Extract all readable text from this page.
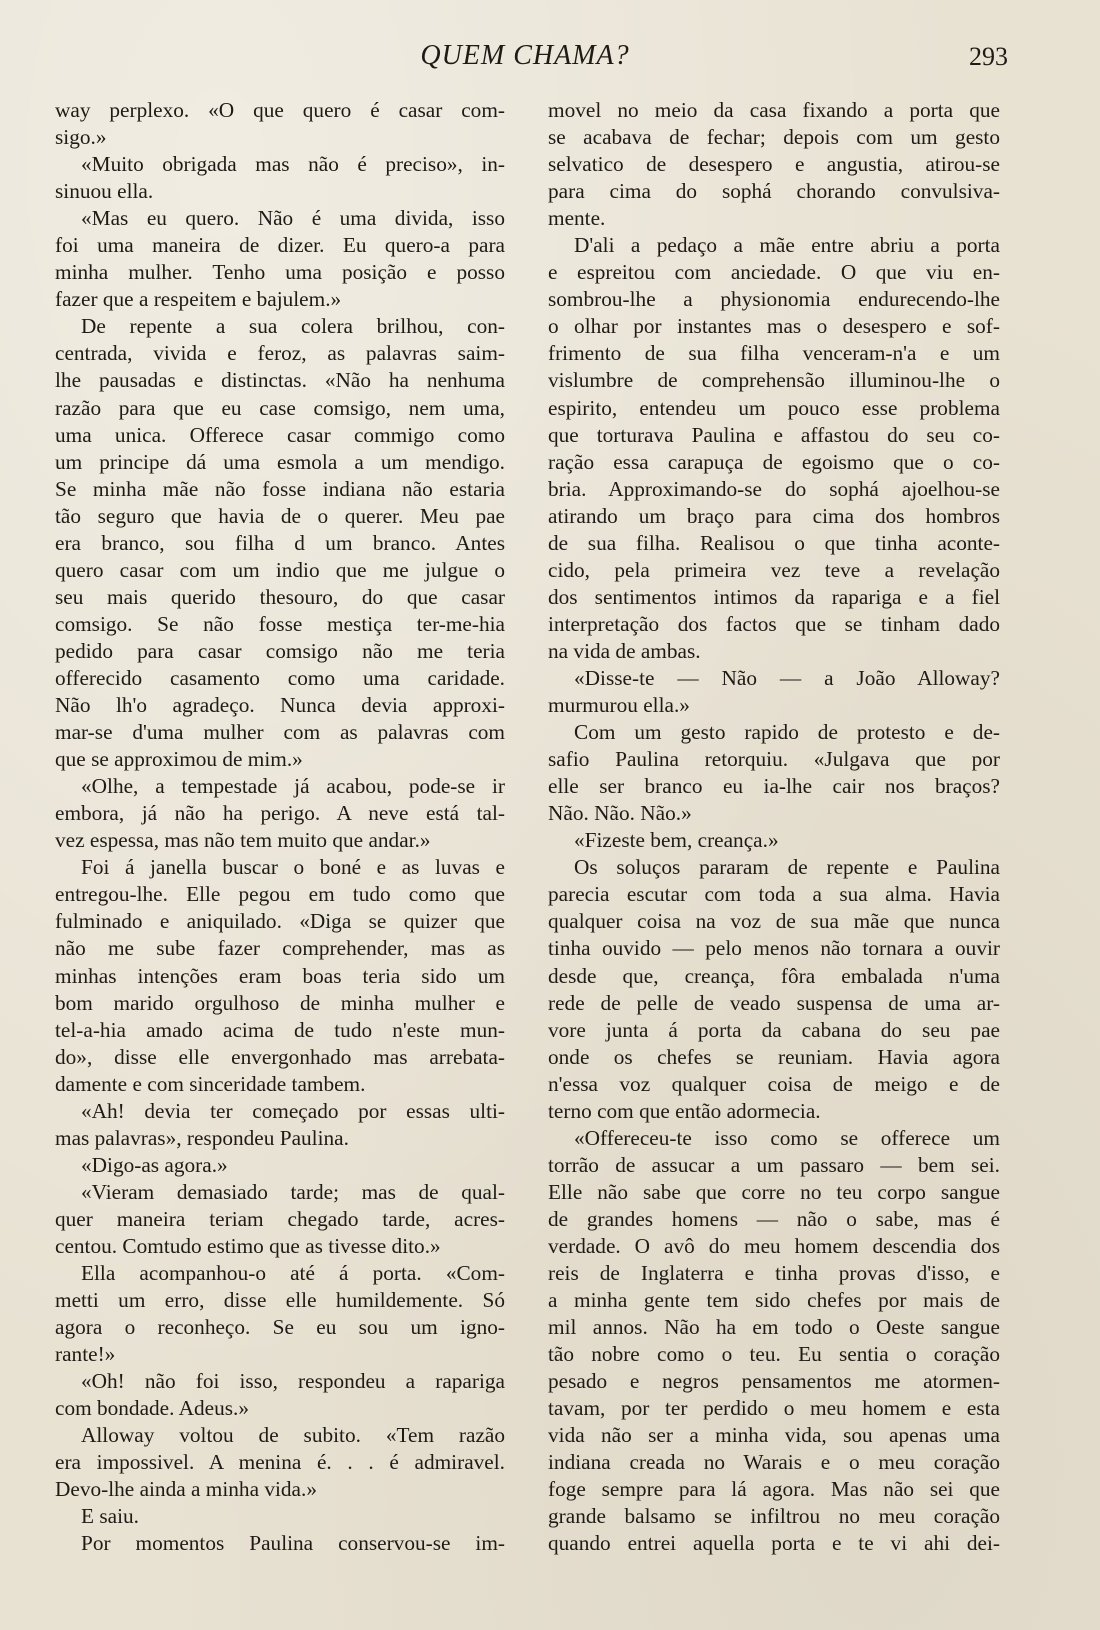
QUEM CHAMA?	293
way perplexo. «O que quero é casar com-
sigo.»
«Muito obrigada mas não é preciso», in-
sinuou ella.
«Mas eu quero. Não é uma divida, isso
foi uma maneira de dizer. Eu quero-a para
minha mulher. Tenho uma posição e posso
fazer que a respeitem e bajulem.»
De repente a sua colera brilhou, con-
centrada, vivida e feroz, as palavras saim-
lhe pausadas e distinctas. «Não ha nenhuma
razão para que eu case comsigo, nem uma,
uma unica. Offerece casar commigo como
um principe dá uma esmola a um mendigo.
Se minha mãe não fosse indiana não estaria
tão seguro que havia de o querer. Meu pae
era branco, sou filha d um branco. Antes
quero casar com um indio que me julgue o
seu mais querido thesouro, do que casar
comsigo. Se não fosse mestiça ter-me-hia
pedido para casar comsigo não me teria
offerecido casamento como uma caridade.
Não lh'o agradeço. Nunca devia approxi-
mar-se d'uma mulher com as palavras com
que se approximou de mim.»
«Olhe, a tempestade já acabou, pode-se ir
embora, já não ha perigo. A neve está tal-
vez espessa, mas não tem muito que andar.»
Foi á janella buscar o boné e as luvas e
entregou-lhe. Elle pegou em tudo como que
fulminado e aniquilado. «Diga se quizer que
não me sube fazer comprehender, mas as
minhas intenções eram boas teria sido um
bom marido orgulhoso de minha mulher e
tel-a-hia amado acima de tudo n'este mun-
do», disse elle envergonhado mas arrebata-
damente e com sinceridade tambem.
«Ah! devia ter começado por essas ulti-
mas palavras», respondeu Paulina.
«Digo-as agora.»
«Vieram demasiado tarde; mas de qual-
quer maneira teriam chegado tarde, acres-
centou. Comtudo estimo que as tivesse dito.»
Ella acompanhou-o até á porta. «Com-
metti um erro, disse elle humildemente. Só
agora o reconheço. Se eu sou um igno-
rante!»
«Oh! não foi isso, respondeu a rapariga
com bondade. Adeus.»
Alloway voltou de subito. «Tem razão
era impossivel. A menina é. . . é admiravel.
Devo-lhe ainda a minha vida.»
E saiu.
Por momentos Paulina conservou-se im-
movel no meio da casa fixando a porta que
se acabava de fechar; depois com um gesto
selvatico de desespero e angustia, atirou-se
para cima do sophá chorando convulsiva-
mente.
D'ali a pedaço a mãe entre abriu a porta
e espreitou com anciedade. O que viu en-
sombrou-lhe a physionomia endurecendo-lhe
o olhar por instantes mas o desespero e sof-
frimento de sua filha venceram-n'a e um
vislumbre de comprehensão illuminou-lhe o
espirito, entendeu um pouco esse problema
que torturava Paulina e affastou do seu co-
ração essa carapuça de egoismo que o co-
bria. Approximando-se do sophá ajoelhou-se
atirando um braço para cima dos hombros
de sua filha. Realisou o que tinha aconte-
cido, pela primeira vez teve a revelação
dos sentimentos intimos da rapariga e a fiel
interpretação dos factos que se tinham dado
na vida de ambas.
«Disse-te — Não — a João Alloway?
murmurou ella.»
Com um gesto rapido de protesto e de-
safio Paulina retorquiu. «Julgava que por
elle ser branco eu ia-lhe cair nos braços?
Não. Não. Não.»
«Fizeste bem, creança.»
Os soluços pararam de repente e Paulina
parecia escutar com toda a sua alma. Havia
qualquer coisa na voz de sua mãe que nunca
tinha ouvido — pelo menos não tornara a ouvir
desde que, creança, fôra embalada n'uma
rede de pelle de veado suspensa de uma ar-
vore junta á porta da cabana do seu pae
onde os chefes se reuniam. Havia agora
n'essa voz qualquer coisa de meigo e de
terno com que então adormecia.
«Offereceu-te isso como se offerece um
torrão de assucar a um passaro — bem sei.
Elle não sabe que corre no teu corpo sangue
de grandes homens — não o sabe, mas é
verdade. O avô do meu homem descendia dos
reis de Inglaterra e tinha provas d'isso, e
a minha gente tem sido chefes por mais de
mil annos. Não ha em todo o Oeste sangue
tão nobre como o teu. Eu sentia o coração
pesado e negros pensamentos me atormen-
tavam, por ter perdido o meu homem e esta
vida não ser a minha vida, sou apenas uma
indiana creada no Warais e o meu coração
foge sempre para lá agora. Mas não sei que
grande balsamo se infiltrou no meu coração
quando entrei aquella porta e te vi ahi dei-
